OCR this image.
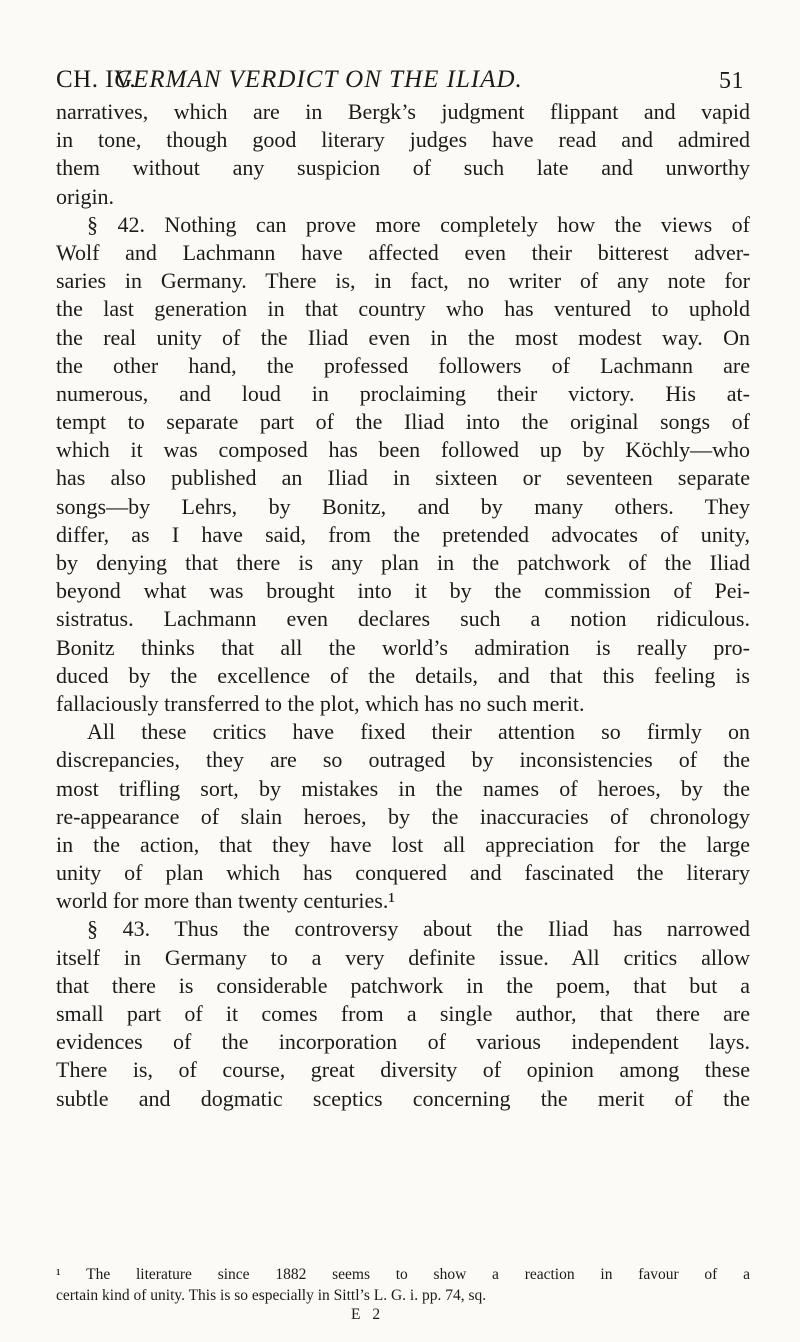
CH. IV.
GERMAN VERDICT ON THE ILIAD.	51
narratives, which are in Bergk’s judgment flippant and vapid
in tone, though good literary judges have read and admired
them without any suspicion of such late and unworthy
origin.
§ 42. Nothing can prove more completely how the views of
Wolf and Lachmann have affected even their bitterest adver-
saries in Germany. There is, in fact, no writer of any note for
the last generation in that country who has ventured to uphold
the real unity of the Iliad even in the most modest way. On
the other hand, the professed followers of Lachmann are
numerous, and loud in proclaiming their victory. His at-
tempt to separate part of the Iliad into the original songs of
which it was composed has been followed up by Köchly—who
has also published an Iliad in sixteen or seventeen separate
songs—by Lehrs, by Bonitz, and by many others. They
differ, as I have said, from the pretended advocates of unity,
by denying that there is any plan in the patchwork of the Iliad
beyond what was brought into it by the commission of Pei-
sistratus. Lachmann even declares such a notion ridiculous.
Bonitz thinks that all the world’s admiration is really pro-
duced by the excellence of the details, and that this feeling is
fallaciously transferred to the plot, which has no such merit.
All these critics have fixed their attention so firmly on
discrepancies, they are so outraged by inconsistencies of the
most trifling sort, by mistakes in the names of heroes, by the
re-appearance of slain heroes, by the inaccuracies of chronology
in the action, that they have lost all appreciation for the large
unity of plan which has conquered and fascinated the literary
world for more than twenty centuries.¹
§ 43. Thus the controversy about the Iliad has narrowed
itself in Germany to a very definite issue. All critics allow
that there is considerable patchwork in the poem, that but a
small part of it comes from a single author, that there are
evidences of the incorporation of various independent lays.
There is, of course, great diversity of opinion among these
subtle and dogmatic sceptics concerning the merit of the
¹ The literature since 1882 seems to show a reaction in favour of a
certain kind of unity. This is so especially in Sittl’s L. G. i. pp. 74, sq.
E 2
